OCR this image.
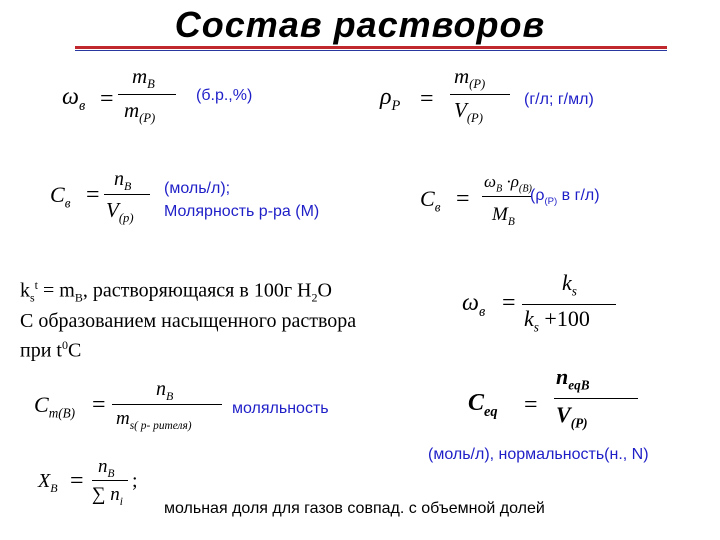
Состав растворов
$\omega_в$ =
$m_B$
$m_{(P)}$
(б.р.,%)	$\rho_P$ =
$m_{(P)}$
$V_{(P)}$
(г/л; г/мл)
$C_в$ =
$n_B$
$V_{(p)}$
(моль/л);
Молярность р-ра (M)
$C_в$ =
$\omega_B \cdot\rho_{(B)}$
$M_B$
($\rho_{(P)}$ в г/л)
$k_s^t = m_B$, растворяющаяся в 100г $H_2O$
С образованием насыщенного раствора
при $t^0C$
$\omega_в$ =
$k_s$
$k_s +100$
$C_{m(B)}$ =
$n_B$
$m_{s( p- рителя)}$
моляльность	$C_{eq}$ =
$n_{eqB}$
$V_{(P)}$
(моль/л), нормальность(н., N)
$X_B$ =
$n_B$
∑ $n_i$
;
мольная доля для газов совпад. с объемной долей
